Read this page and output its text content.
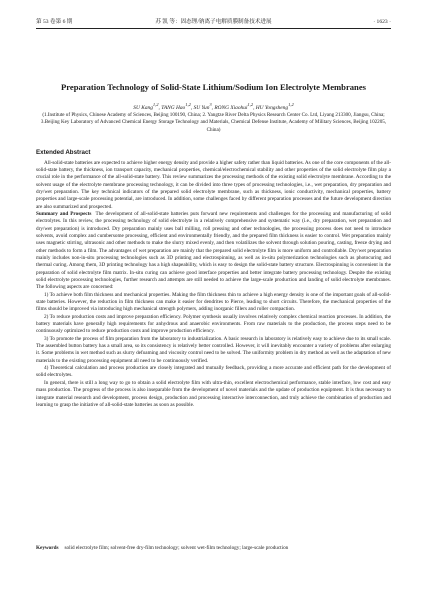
第 53 卷第 6 期	苏 凯 等：固态锂/钠离子电解质膜制备技术进展	· 1623 ·
Preparation Technology of Solid-State Lithium/Sodium Ion Electrolyte Membranes
SU Kang$^{1,2}$, TANG Hao$^{1,2}$, SU Yun$^3$, RONG Xiaohui$^{1,2}$, HU Yongsheng$^{1,2}$
(1.Institute of Physics, Chinese Academy of Sciences, Beijing 100190, China; 2. Yangtze River Delta Physics Research Center Co. Ltd, Liyang 213300, Jiangsu, China; 3.Beijing Key Laboratory of Advanced Chemical Energy Storage Technology and Materials, Chemical Defense Institute, Academy of Military Sciences, Beijing 102205, China)
Extended Abstract

All-solid-state batteries are expected to achieve higher energy density and provide a higher safety rather than liquid batteries. As one of the core components of the all-solid-state battery, the thickness, ion transport capacity, mechanical properties, chemical/electrochemical stability and other properties of the solid electrolyte film play a crucial role in the performance of the all-solid-state battery. This review summarizes the processing methods of the existing solid electrolyte membrane. According to the solvent usage of the electrolyte membrane processing technology, it can be divided into three types of processing technologies, i.e., wet preparation, dry preparation and dry/wet preparation. The key technical indicators of the prepared solid electrolyte membrane, such as thickness, ionic conductivity, mechanical properties, battery properties and large-scale processing potential, are introduced. In addition, some challenges faced by different preparation processes and the future development direction are also summarized and prospected.

Summary and Prospects The development of all-solid-state batteries puts forward new requirements and challenges for the processing and manufacturing of solid electrolytes. In this review, the processing technology of solid electrolyte in a relatively comprehensive and systematic way (i.e., dry preparation, wet preparation and dry/wet preparation) is introduced. Dry preparation mainly uses ball milling, roll pressing and other technologies, the processing process does not need to introduce solvents, avoid complex and cumbersome processing, efficient and environmentally friendly, and the prepared film thickness is easier to control. Wet preparation mainly uses magnetic stirring, ultrasonic and other methods to make the slurry mixed evenly, and then volatilizes the solvent through solution pouring, casting, freeze drying and other methods to form a film. The advantages of wet preparation are mainly that the prepared solid electrolyte film is more uniform and controllable. Dry/wet preparation mainly includes non-in-situ processing technologies such as 3D printing and electrospinning, as well as in-situ polymerization technologies such as photocuring and thermal curing. Among them, 3D printing technology has a high shapeability, which is easy to design the solid-state battery structure. Electrospinning is convenient in the preparation of solid electrolyte film matrix. In-situ curing can achieve good interface properties and better integrate battery processing technology. Despite the existing solid electrolyte processing technologies, further research and attempts are still needed to achieve the large-scale production and landing of solid electrolyte membranes. The following aspects are concerned:

1) To achieve both film thickness and mechanical properties. Making the film thickness thin to achieve a high energy density is one of the important goals of all-solid-state batteries. However, the reduction in film thickness can make it easier for dendrites to Pierce, leading to short circuits. Therefore, the mechanical properties of the films should be improved via introducing high mechanical strength polymers, adding inorganic fillers and roller compaction.

2) To reduce production costs and improve preparation efficiency. Polymer synthesis usually involves relatively complex chemical reaction processes. In addition, the battery materials have generally high requirements for anhydrous and anaerobic environments. From raw materials to the production, the process steps need to be continuously optimized to reduce production costs and improve production efficiency.

3) To promote the process of film preparation from the laboratory to industrialization. A basic research in laboratory is relatively easy to achieve due to its small scale. The assembled button battery has a small area, so its consistency is relatively better controlled. However, it will inevitably encounter a variety of problems after enlarging it. Some problems in wet method such as slurry defoaming and viscosity control need to be solved. The uniformity problem in dry method as well as the adaptation of new materials to the existing processing equipment all need to be continuously verified.

4) Theoretical calculation and process production are closely integrated and mutually feedback, providing a more accurate and efficient path for the development of solid electrolytes.

In general, there is still a long way to go to obtain a solid electrolyte film with ultra-thin, excellent electrochemical performance, stable interface, low cost and easy mass production. The progress of the process is also inseparable from the development of novel materials and the update of production equipment. It is thus necessary to integrate material research and development, process design, production and processing interactive interconnection, and truly achieve the combination of production and learning to grasp the initiative of all-solid-state batteries as soon as possible.

Keywords solid electrolyte film; solvent-free dry-film technology; solvent wet-film technology; large-scale production
